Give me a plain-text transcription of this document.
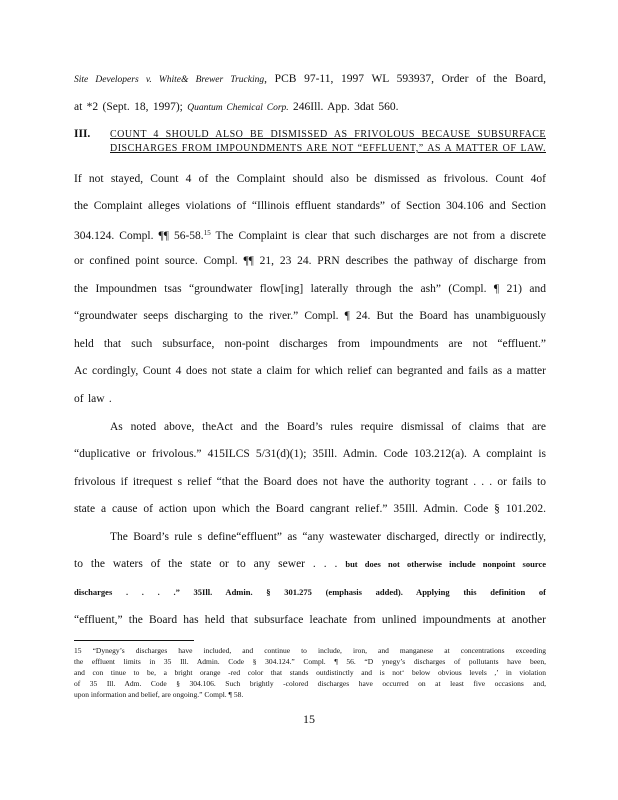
Site Developers v. White& Brewer Trucking, PCB 97-11, 1997 WL 593937, Order of the Board,
at *2 (Sept. 18, 1997); Quantum Chemical Corp. 246Ill. App. 3dat 560.
III. COUNT 4 SHOULD ALSO BE DISMISSED AS FRIVOLOUS BECAUSE SUBSURFACE
DISCHARGES FROM IMPOUNDMENTS ARE NOT “EFFLUENT,” AS A MATTER OF LAW.
If not stayed, Count 4 of the Complaint should also be dismissed as frivolous. Count 4of
the Complaint alleges violations of “Illinois effluent standards” of Section 304.106 and Section
304.124. Compl. ¶¶ 56-58.15 The Complaint is clear that such discharges are not from a discrete
or confined point source. Compl. ¶¶ 21, 23 24. PRN describes the pathway of discharge from
the Impoundmen tsas “groundwater flow[ing] laterally through the ash” (Compl. ¶ 21) and
“groundwater seeps discharging to the river.” Compl. ¶ 24. But the Board has unambiguously
held that such subsurface, non-point discharges from impoundments are not “effluent.”
Ac cordingly, Count 4 does not state a claim for which relief can begranted and fails as a matter
of law .
As noted above, theAct and the Board’s rules require dismissal of claims that are
“duplicative or frivolous.” 415ILCS 5/31(d)(1); 35Ill. Admin. Code 103.212(a). A complaint is
frivolous if itrequest s relief “that the Board does not have the authority togrant . . . or fails to
state a cause of action upon which the Board cangrant relief.” 35Ill. Admin. Code § 101.202.
The Board’s rule s define“effluent” as “any wastewater discharged, directly or indirectly,
to the waters of the state or to any sewer . . . but does not otherwise include nonpoint source
discharges . . . .” 35Ill. Admin. § 301.275 (emphasis added). Applying this definition of
“effluent,” the Board has held that subsurface leachate from unlined impoundments at another
15 “Dynegy’s discharges have included, and continue to include, iron, and manganese at concentrations exceeding
the effluent limits in 35 Ill. Admin. Code § 304.124.” Compl. ¶ 56. “D ynegy’s discharges of pollutants have been,
and con tinue to be, a bright orange -red color that stands outdistinctly and is not‘ below obvious levels ,’ in violation
of 35 Ill. Adm. Code § 304.106. Such brightly -colored discharges have occurred on at least five occasions and,
upon information and belief, are ongoing.” Compl. ¶ 58.
15
